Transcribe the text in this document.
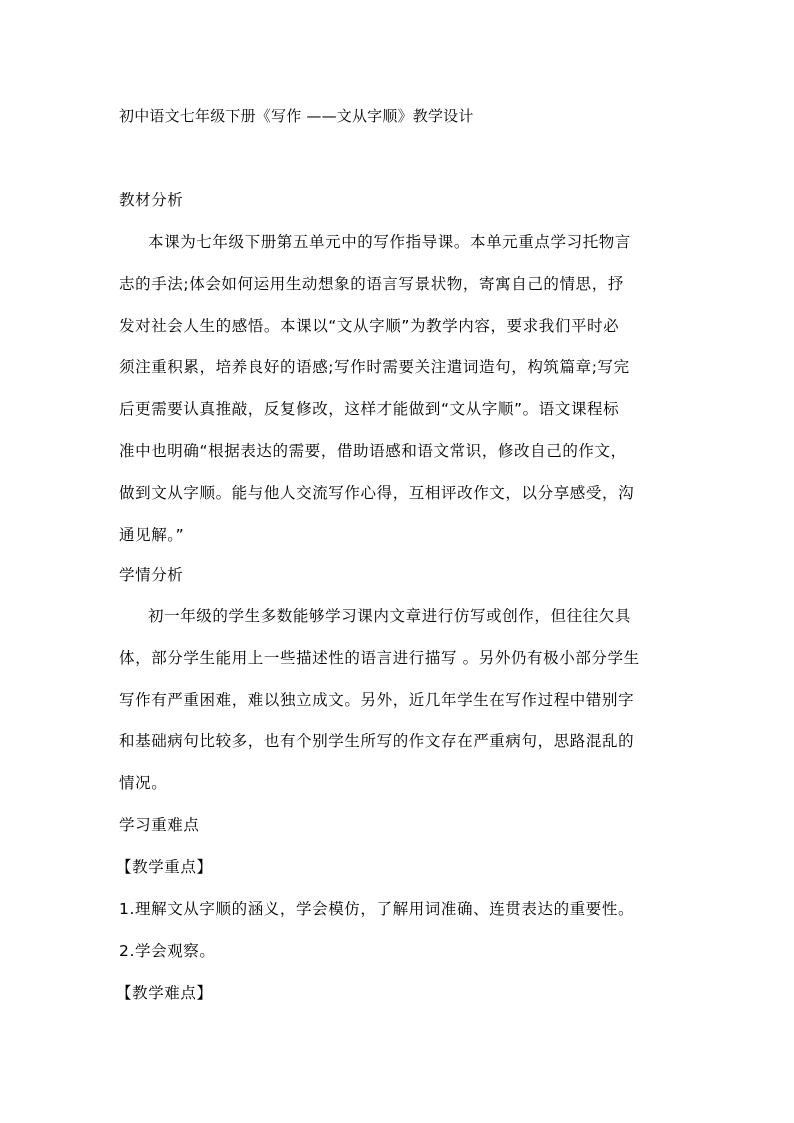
初中语文七年级下册《写作 ——文从字顺》教学设计
教材分析
本课为七年级下册第五单元中的写作指导课。本单元重点学习托物言
志的手法;体会如何运用生动想象的语言写景状物，寄寓自己的情思，抒
发对社会人生的感悟。本课以“文从字顺”为教学内容，要求我们平时必
须注重积累，培养良好的语感;写作时需要关注遣词造句，构筑篇章;写完
后更需要认真推敲，反复修改，这样才能做到“文从字顺”。语文课程标
准中也明确“根据表达的需要，借助语感和语文常识，修改自己的作文，
做到文从字顺。能与他人交流写作心得，互相评改作文，以分享感受，沟
通见解。”
学情分析
初一年级的学生多数能够学习课内文章进行仿写或创作，但往往欠具
体，部分学生能用上一些描述性的语言进行描写 。另外仍有极小部分学生
写作有严重困难，难以独立成文。另外，近几年学生在写作过程中错别字
和基础病句比较多，也有个别学生所写的作文存在严重病句，思路混乱的
情况。
学习重难点
【教学重点】
1.理解文从字顺的涵义，学会模仿，了解用词准确、连贯表达的重要性。
2.学会观察。
【教学难点】
